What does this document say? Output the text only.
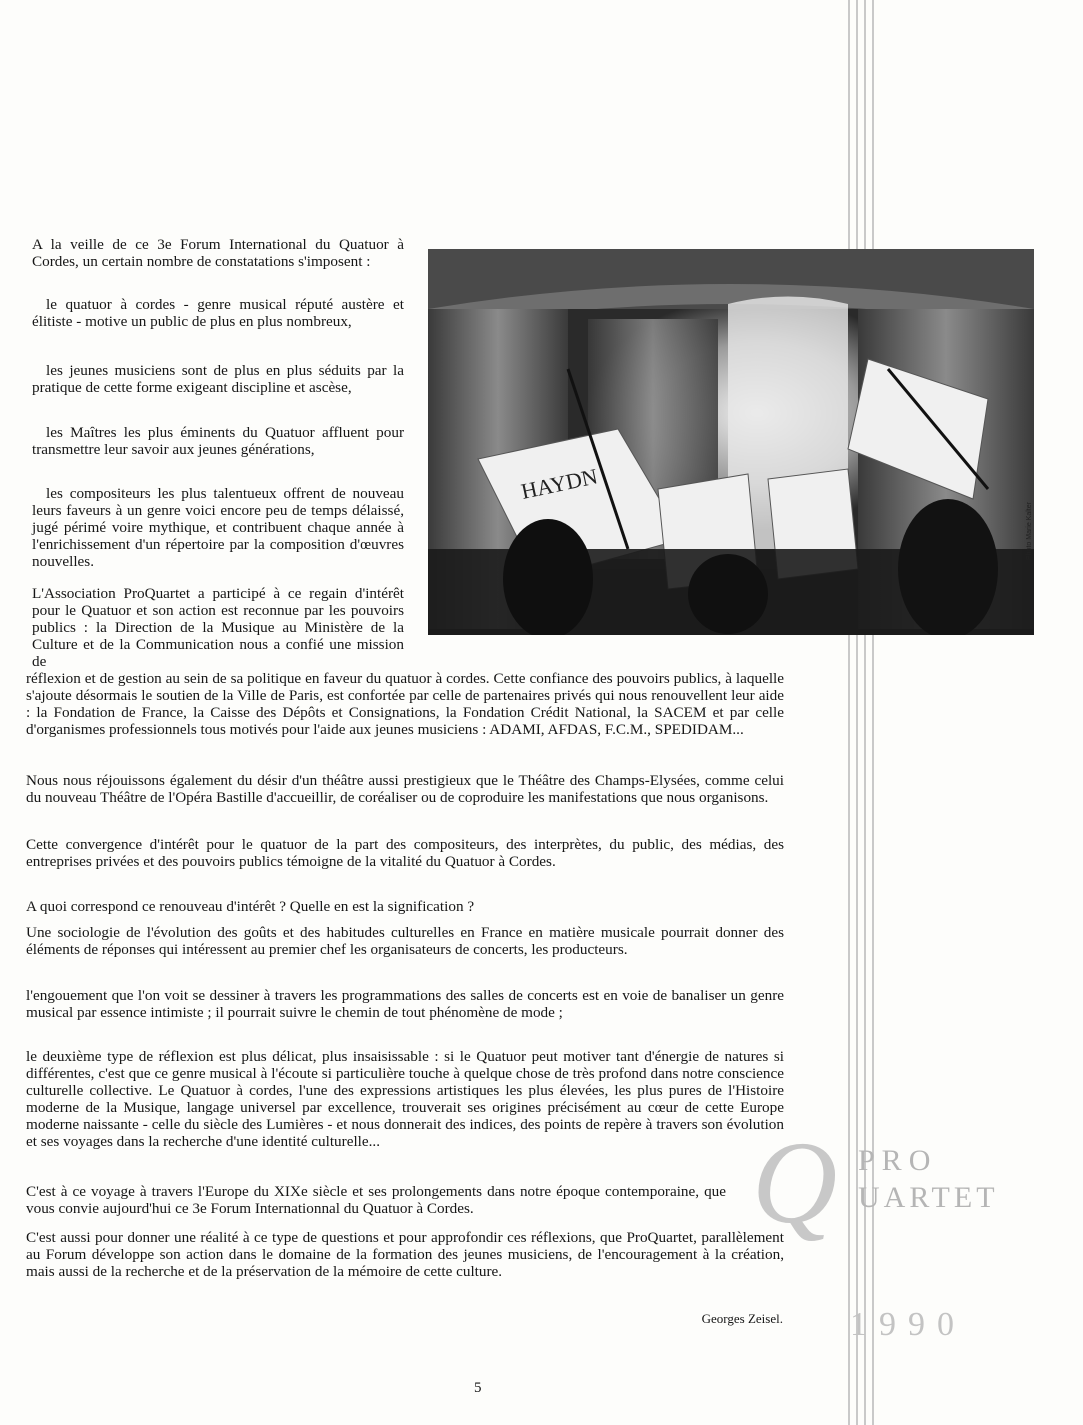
A la veille de ce 3e Forum International du Quatuor à Cordes, un certain nombre de constatations s'imposent :

le quatuor à cordes - genre musical réputé austère et élitiste - motive un public de plus en plus nombreux,

les jeunes musiciens sont de plus en plus séduits par la pratique de cette forme exigeant discipline et ascèse,

les Maîtres les plus éminents du Quatuor affluent pour transmettre leur savoir aux jeunes générations,

les compositeurs les plus talentueux offrent de nouveau leurs faveurs à un genre voici encore peu de temps délaissé, jugé périmé voire mythique, et contribuent chaque année à l'enrichissement d'un répertoire par la composition d'œuvres nouvelles.

L'Association ProQuartet a participé à ce regain d'intérêt pour le Quatuor et son action est reconnue par les pouvoirs publics : la Direction de la Musique au Ministère de la Culture et de la Communication nous a confié une mission de

réflexion et de gestion au sein de sa politique en faveur du quatuor à cordes. Cette confiance des pouvoirs publics, à laquelle s'ajoute désormais le soutien de la Ville de Paris, est confortée par celle de partenaires privés qui nous renouvellent leur aide : la Fondation de France, la Caisse des Dépôts et Consignations, la Fondation Crédit National, la SACEM et par celle d'organismes professionnels tous motivés pour l'aide aux jeunes musiciens : ADAMI, AFDAS, F.C.M., SPEDIDAM...

HAYDN
Photo Marie Kalter

Nous nous réjouissons également du désir d'un théâtre aussi prestigieux que le Théâtre des Champs-Elysées, comme celui du nouveau Théâtre de l'Opéra Bastille d'accueillir, de coréaliser ou de coproduire les manifestations que nous organisons.

Cette convergence d'intérêt pour le quatuor de la part des compositeurs, des interprètes, du public, des médias, des entreprises privées et des pouvoirs publics témoigne de la vitalité du Quatuor à Cordes.

A quoi correspond ce renouveau d'intérêt ? Quelle en est la signification ?

Une sociologie de l'évolution des goûts et des habitudes culturelles en France en matière musicale pourrait donner des éléments de réponses qui intéressent au premier chef les organisateurs de concerts, les producteurs.

l'engouement que l'on voit se dessiner à travers les programmations des salles de concerts est en voie de banaliser un genre musical par essence intimiste ; il pourrait suivre le chemin de tout phénomène de mode ;

le deuxième type de réflexion est plus délicat, plus insaisissable : si le Quatuor peut motiver tant d'énergie de natures si différentes, c'est que ce genre musical à l'écoute si particulière touche à quelque chose de très profond dans notre conscience culturelle collective. Le Quatuor à cordes, l'une des expressions artistiques les plus élevées, les plus pures de l'Histoire moderne de la Musique, langage universel par excellence, trouverait ses origines précisément au cœur de cette Europe moderne naissante - celle du siècle des Lumières - et nous donnerait des indices, des points de repère à travers son évolution et ses voyages dans la recherche d'une identité culturelle...

C'est à ce voyage à travers l'Europe du XIXe siècle et ses prolongements dans notre époque contemporaine, que vous convie aujourd'hui ce 3e Forum Internationnal du Quatuor à Cordes.

C'est aussi pour donner une réalité à ce type de questions et pour approfondir ces réflexions, que ProQuartet, parallèlement au Forum développe son action dans le domaine de la formation des jeunes musiciens, de l'encouragement à la création, mais aussi de la recherche et de la préservation de la mémoire de cette culture.

Georges Zeisel.
5
Q PRO
UARTET
1990
